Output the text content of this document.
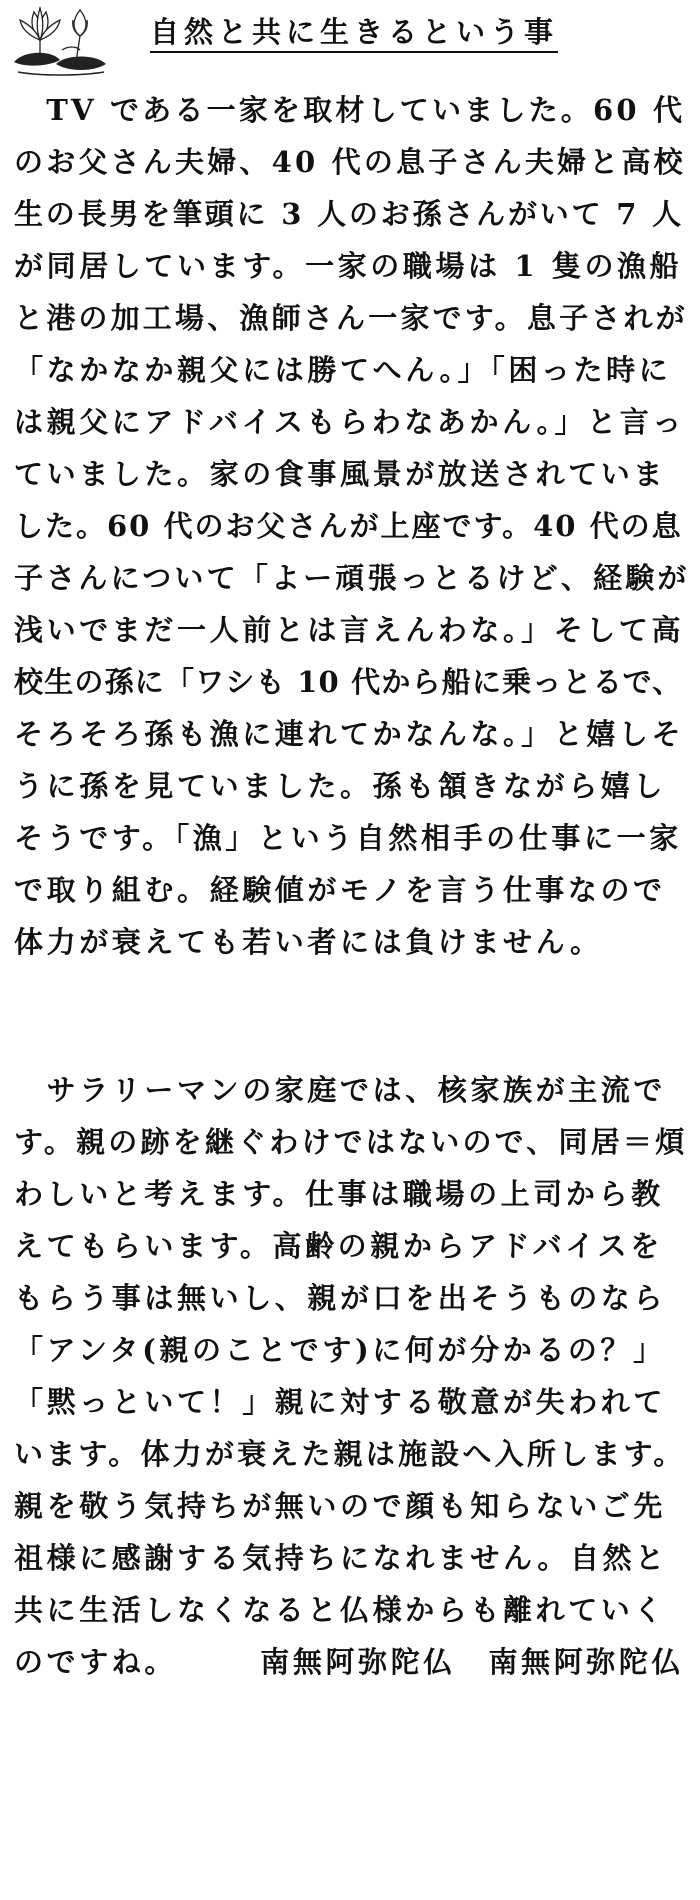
自然と共に生きるという事
　TV である一家を取材していました。60 代
のお父さん夫婦、40 代の息子さん夫婦と高校
生の長男を筆頭に 3 人のお孫さんがいて 7 人
が同居しています。一家の職場は 1 隻の漁船
と港の加工場、漁師さん一家です。息子されが
「なかなか親父には勝てへん。」「困った時に
は親父にアドバイスもらわなあかん。」と言っ
ていました。家の食事風景が放送されていま
した。60 代のお父さんが上座です。40 代の息
子さんについて「よー頑張っとるけど、経験が
浅いでまだ一人前とは言えんわな。」そして高
校生の孫に「ワシも 10 代から船に乗っとるで、
そろそろ孫も漁に連れてかなんな。」と嬉しそ
うに孫を見ていました。孫も頷きながら嬉し
そうです。「漁」という自然相手の仕事に一家
で取り組む。経験値がモノを言う仕事なので
体力が衰えても若い者には負けません。
　サラリーマンの家庭では、核家族が主流で
す。親の跡を継ぐわけではないので、同居＝煩
わしいと考えます。仕事は職場の上司から教
えてもらいます。高齢の親からアドバイスを
もらう事は無いし、親が口を出そうものなら
「アンタ(親のことです)に何が分かるの？」
「黙っといて！」親に対する敬意が失われて
います。体力が衰えた親は施設へ入所します。
親を敬う気持ちが無いので顔も知らないご先
祖様に感謝する気持ちになれません。自然と
共に生活しなくなると仏様からも離れていく
のですね。　　　南無阿弥陀仏　南無阿弥陀仏
